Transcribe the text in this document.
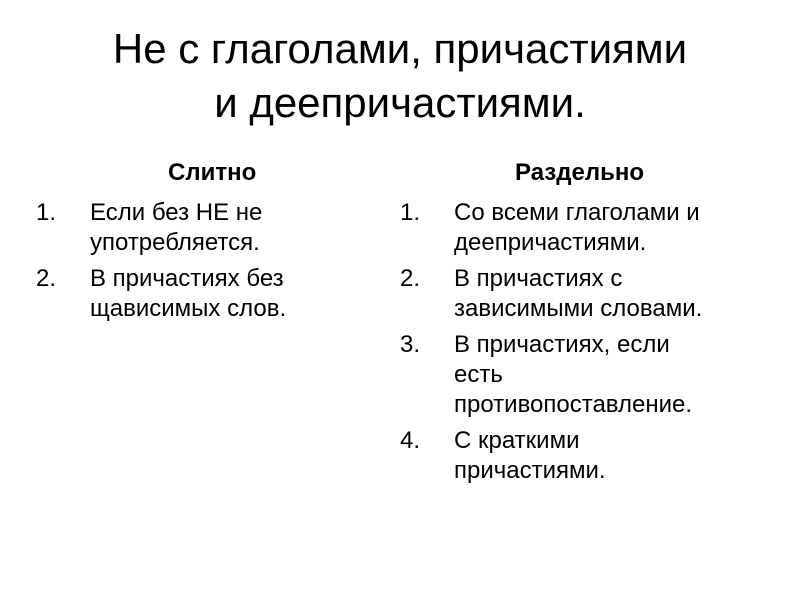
Не с глаголами, причастиями
и деепричастиями.
Слитно
1.	Если без НЕ не
употребляется.
2.	В причастиях без
щависимых слов.
Раздельно
1.	Со всеми глаголами и
деепричастиями.
2.	В причастиях с
зависимыми словами.
3.	В причастиях, если
есть
противопоставление.
4.	С краткими
причастиями.
